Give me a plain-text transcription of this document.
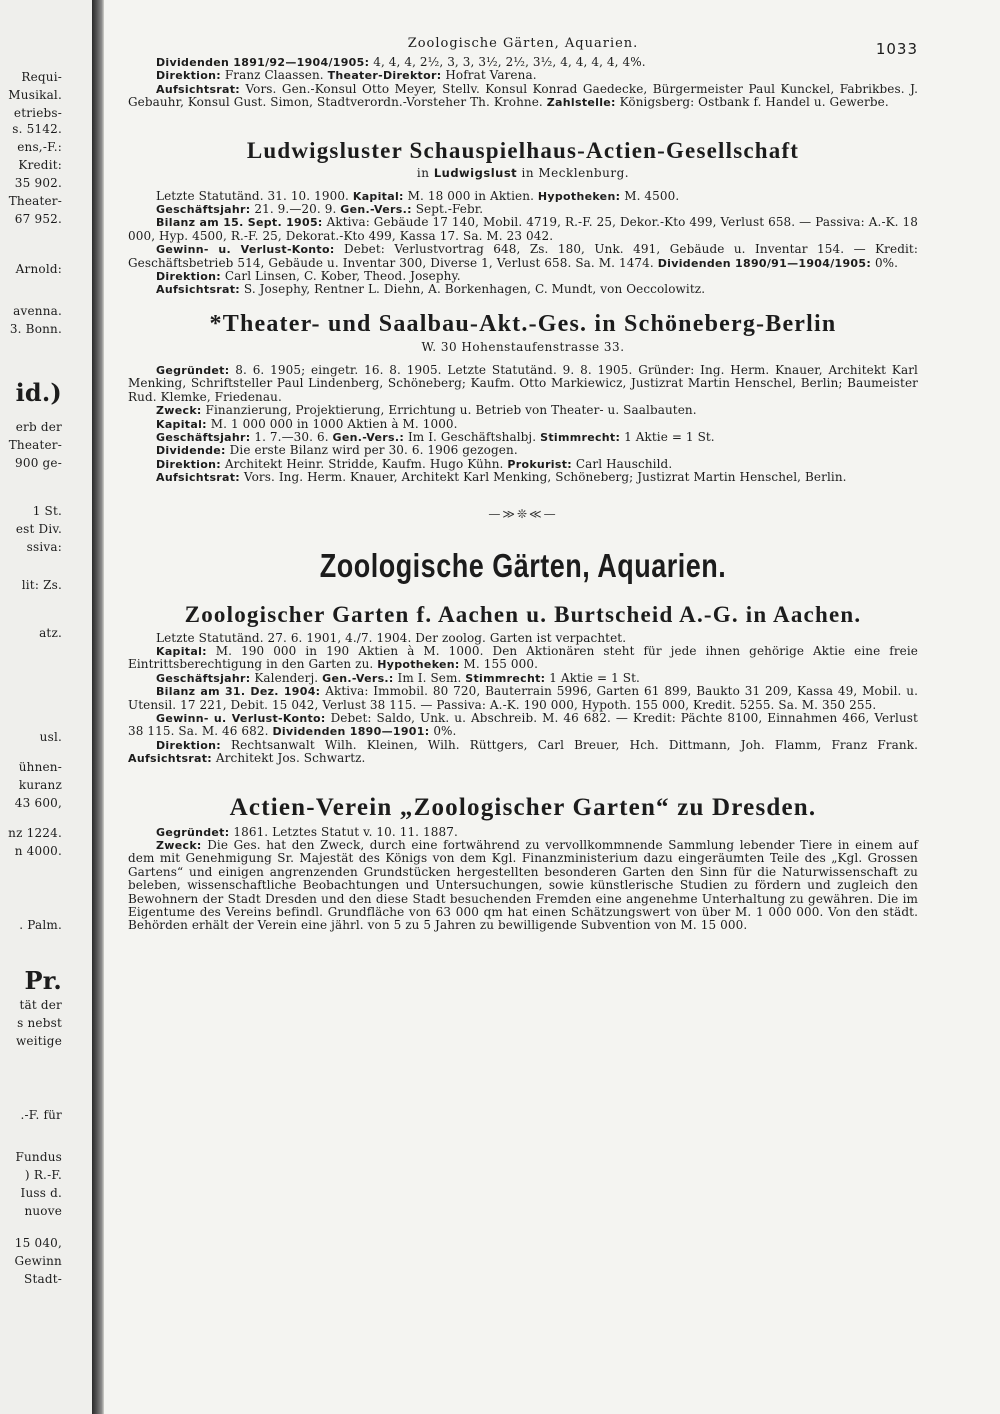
Requi-
Musikal.
etriebs-
s. 5142.
ens,-F.:
Kredit:
35 902.
Theater-
67 952.
Arnold:
avenna.
3. Bonn.
id.)
erb der
Theater-
900 ge-
1 St.
est Div.
ssiva:
lit: Zs.
atz.
usl.
ühnen-
kuranz
43 600,
nz 1224.
n 4000.
. Palm.
Pr.
tät der
s nebst
weitige
.-F. für
Fundus
) R.-F.
Iuss d.
nuove
15 040,
Gewinn
Stadt-
Zoologische Gärten, Aquarien.	1033

Dividenden 1891/92—1904/1905: 4, 4, 4, 2½, 3, 3, 3½, 2½, 3½, 4, 4, 4, 4, 4%.

Direktion: Franz Claassen. Theater-Direktor: Hofrat Varena.

Aufsichtsrat: Vors. Gen.-Konsul Otto Meyer, Stellv. Konsul Konrad Gaedecke, Bürgermeister Paul Kunckel, Fabrikbes. J. Gebauhr, Konsul Gust. Simon, Stadtverordn.-Vorsteher Th. Krohne. Zahlstelle: Königsberg: Ostbank f. Handel u. Gewerbe.

Ludwigsluster Schauspielhaus-Actien-Gesellschaft
in Ludwigslust in Mecklenburg.

Letzte Statutänd. 31. 10. 1900. Kapital: M. 18 000 in Aktien. Hypotheken: M. 4500.

Geschäftsjahr: 21. 9.—20. 9. Gen.-Vers.: Sept.-Febr.

Bilanz am 15. Sept. 1905: Aktiva: Gebäude 17 140, Mobil. 4719, R.-F. 25, Dekor.-Kto 499, Verlust 658. — Passiva: A.-K. 18 000, Hyp. 4500, R.-F. 25, Dekorat.-Kto 499, Kassa 17. Sa. M. 23 042.

Gewinn- u. Verlust-Konto: Debet: Verlustvortrag 648, Zs. 180, Unk. 491, Gebäude u. Inventar 154. — Kredit: Geschäftsbetrieb 514, Gebäude u. Inventar 300, Diverse 1, Verlust 658. Sa. M. 1474. Dividenden 1890/91—1904/1905: 0%.

Direktion: Carl Linsen, C. Kober, Theod. Josephy.

Aufsichtsrat: S. Josephy, Rentner L. Diehn, A. Borkenhagen, C. Mundt, von Oeccolowitz.

*Theater- und Saalbau-Akt.-Ges. in Schöneberg-Berlin
W. 30 Hohenstaufenstrasse 33.

Gegründet: 8. 6. 1905; eingetr. 16. 8. 1905. Letzte Statutänd. 9. 8. 1905. Gründer: Ing. Herm. Knauer, Architekt Karl Menking, Schriftsteller Paul Lindenberg, Schöneberg; Kaufm. Otto Markiewicz, Justizrat Martin Henschel, Berlin; Baumeister Rud. Klemke, Friedenau.

Zweck: Finanzierung, Projektierung, Errichtung u. Betrieb von Theater- u. Saalbauten.

Kapital: M. 1 000 000 in 1000 Aktien à M. 1000.

Geschäftsjahr: 1. 7.—30. 6. Gen.-Vers.: Im I. Geschäftshalbj. Stimmrecht: 1 Aktie = 1 St.

Dividende: Die erste Bilanz wird per 30. 6. 1906 gezogen.

Direktion: Architekt Heinr. Stridde, Kaufm. Hugo Kühn. Prokurist: Carl Hauschild.

Aufsichtsrat: Vors. Ing. Herm. Knauer, Architekt Karl Menking, Schöneberg; Justizrat Martin Henschel, Berlin.

—≫❊≪—
Zoologische Gärten, Aquarien.
Zoologischer Garten f. Aachen u. Burtscheid A.-G. in Aachen.

Letzte Statutänd. 27. 6. 1901, 4./7. 1904. Der zoolog. Garten ist verpachtet.

Kapital: M. 190 000 in 190 Aktien à M. 1000. Den Aktionären steht für jede ihnen gehörige Aktie eine freie Eintrittsberechtigung in den Garten zu. Hypotheken: M. 155 000.

Geschäftsjahr: Kalenderj. Gen.-Vers.: Im I. Sem. Stimmrecht: 1 Aktie = 1 St.

Bilanz am 31. Dez. 1904: Aktiva: Immobil. 80 720, Bauterrain 5996, Garten 61 899, Baukto 31 209, Kassa 49, Mobil. u. Utensil. 17 221, Debit. 15 042, Verlust 38 115. — Passiva: A.-K. 190 000, Hypoth. 155 000, Kredit. 5255. Sa. M. 350 255.

Gewinn- u. Verlust-Konto: Debet: Saldo, Unk. u. Abschreib. M. 46 682. — Kredit: Pächte 8100, Einnahmen 466, Verlust 38 115. Sa. M. 46 682. Dividenden 1890—1901: 0%.

Direktion: Rechtsanwalt Wilh. Kleinen, Wilh. Rüttgers, Carl Breuer, Hch. Dittmann, Joh. Flamm, Franz Frank. Aufsichtsrat: Architekt Jos. Schwartz.

Actien-Verein „Zoologischer Garten“ zu Dresden.

Gegründet: 1861. Letztes Statut v. 10. 11. 1887.

Zweck: Die Ges. hat den Zweck, durch eine fortwährend zu vervollkommnende Sammlung lebender Tiere in einem auf dem mit Genehmigung Sr. Majestät des Königs von dem Kgl. Finanzministerium dazu eingeräumten Teile des „Kgl. Grossen Gartens“ und einigen angrenzenden Grundstücken hergestellten besonderen Garten den Sinn für die Naturwissenschaft zu beleben, wissenschaftliche Beobachtungen und Untersuchungen, sowie künstlerische Studien zu fördern und zugleich den Bewohnern der Stadt Dresden und den diese Stadt besuchenden Fremden eine angenehme Unterhaltung zu gewähren. Die im Eigentume des Vereins befindl. Grundfläche von 63 000 qm hat einen Schätzungswert von über M. 1 000 000. Von den städt. Behörden erhält der Verein eine jährl. von 5 zu 5 Jahren zu bewilligende Subvention von M. 15 000.
